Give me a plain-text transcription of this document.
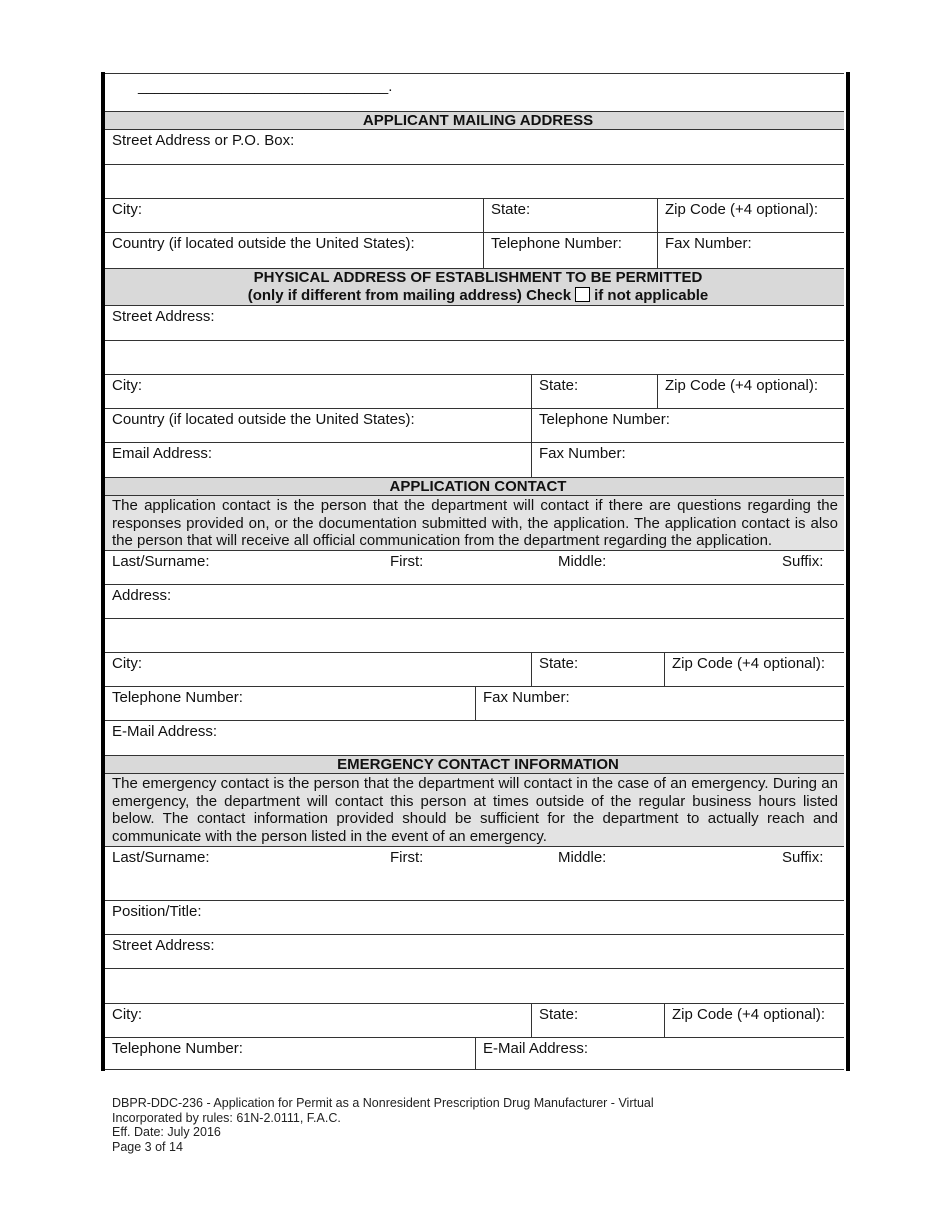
______________________________.
APPLICANT MAILING ADDRESS
Street Address or P.O. Box:
City:	State:	Zip Code (+4 optional):
Country (if located outside the United States):	Telephone Number:	Fax Number:
PHYSICAL ADDRESS OF ESTABLISHMENT TO BE PERMITTED
(only if different from mailing address) Check if not applicable
Street Address:
City:	State:	Zip Code (+4 optional):
Country (if located outside the United States):	Telephone Number:
Email Address:	Fax Number:
APPLICATION CONTACT
The application contact is the person that the department will contact if there are questions regarding the responses provided on, or the documentation submitted with, the application. The application contact is also the person that will receive all official communication from the department regarding the application.
Last/Surname:	First:	Middle:	Suffix:
Address:
City:	State:	Zip Code (+4 optional):
Telephone Number:	Fax Number:
E-Mail Address:
EMERGENCY CONTACT INFORMATION
The emergency contact is the person that the department will contact in the case of an emergency. During an emergency, the department will contact this person at times outside of the regular business hours listed below. The contact information provided should be sufficient for the department to actually reach and communicate with the person listed in the event of an emergency.
Last/Surname:	First:	Middle:	Suffix:
Position/Title:
Street Address:
City:	State:	Zip Code (+4 optional):
Telephone Number:	E-Mail Address:
DBPR-DDC-236 - Application for Permit as a Nonresident Prescription Drug Manufacturer - Virtual
Incorporated by rules: 61N-2.0111, F.A.C.
Eff. Date: July 2016
Page 3 of 14
